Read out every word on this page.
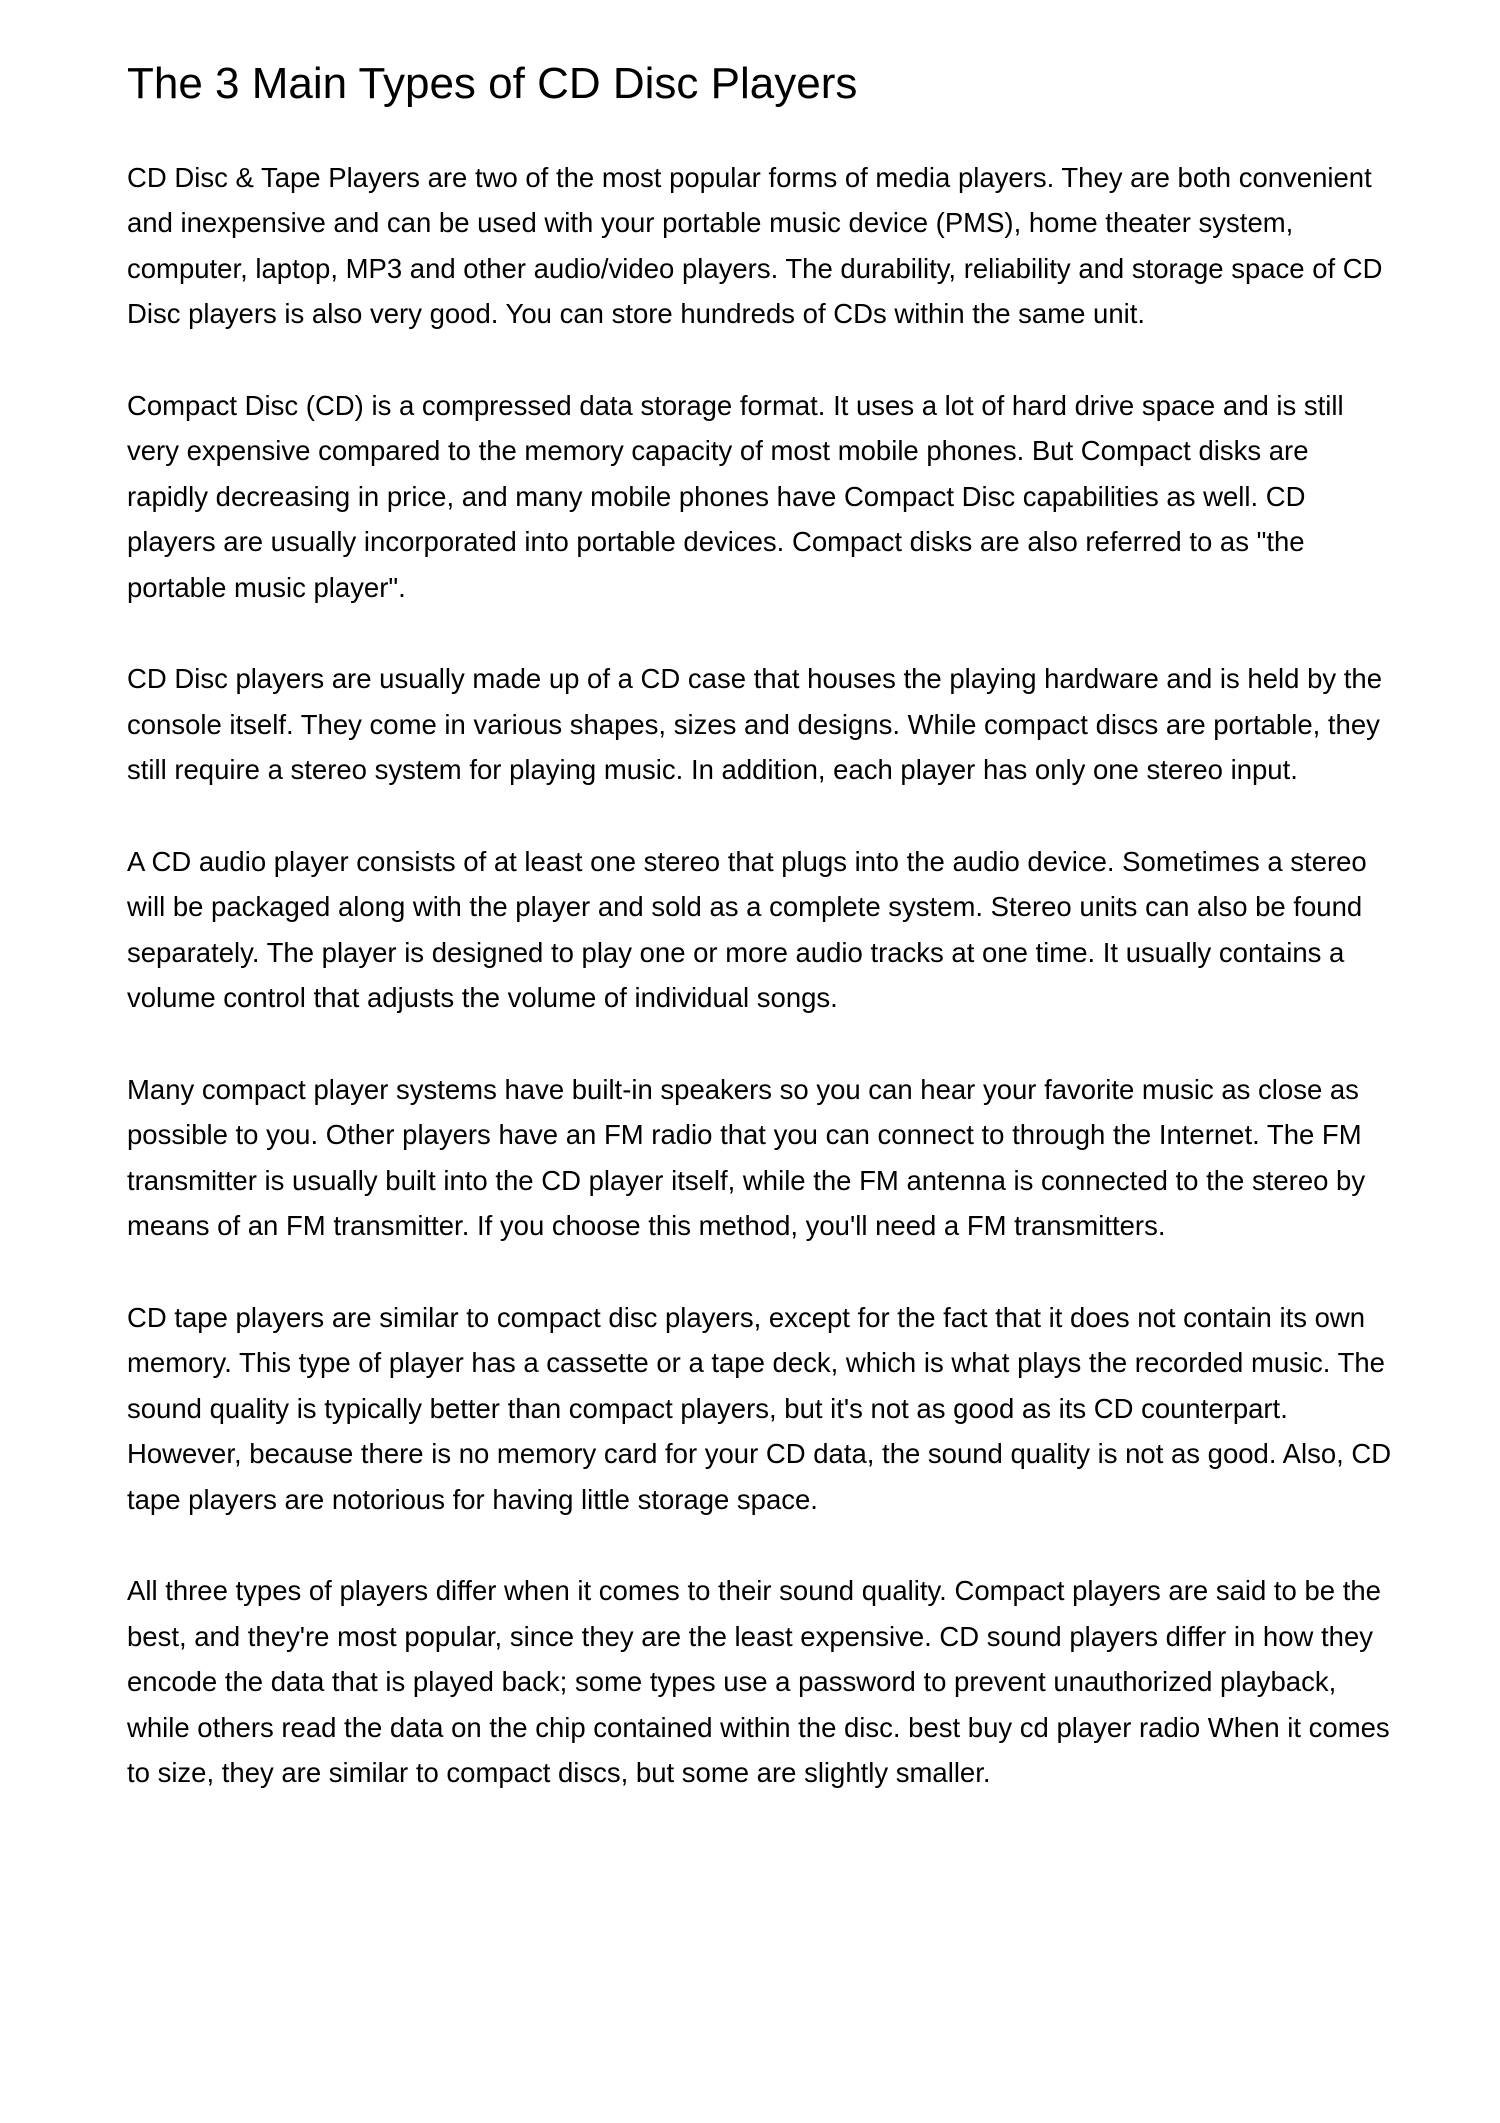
The 3 Main Types of CD Disc Players

CD Disc & Tape Players are two of the most popular forms of media players. They are both convenient and inexpensive and can be used with your portable music device (PMS), home theater system, computer, laptop, MP3 and other audio/video players. The durability, reliability and storage space of CD Disc players is also very good. You can store hundreds of CDs within the same unit.

Compact Disc (CD) is a compressed data storage format. It uses a lot of hard drive space and is still very expensive compared to the memory capacity of most mobile phones. But Compact disks are rapidly decreasing in price, and many mobile phones have Compact Disc capabilities as well. CD players are usually incorporated into portable devices. Compact disks are also referred to as "the portable music player".

CD Disc players are usually made up of a CD case that houses the playing hardware and is held by the console itself. They come in various shapes, sizes and designs. While compact discs are portable, they still require a stereo system for playing music. In addition, each player has only one stereo input.

A CD audio player consists of at least one stereo that plugs into the audio device. Sometimes a stereo will be packaged along with the player and sold as a complete system. Stereo units can also be found separately. The player is designed to play one or more audio tracks at one time. It usually contains a volume control that adjusts the volume of individual songs.

Many compact player systems have built-in speakers so you can hear your favorite music as close as possible to you. Other players have an FM radio that you can connect to through the Internet. The FM transmitter is usually built into the CD player itself, while the FM antenna is connected to the stereo by means of an FM transmitter. If you choose this method, you'll need a FM transmitters.

CD tape players are similar to compact disc players, except for the fact that it does not contain its own memory. This type of player has a cassette or a tape deck, which is what plays the recorded music. The sound quality is typically better than compact players, but it's not as good as its CD counterpart. However, because there is no memory card for your CD data, the sound quality is not as good. Also, CD tape players are notorious for having little storage space.

All three types of players differ when it comes to their sound quality. Compact players are said to be the best, and they're most popular, since they are the least expensive. CD sound players differ in how they encode the data that is played back; some types use a password to prevent unauthorized playback, while others read the data on the chip contained within the disc. best buy cd player radio When it comes to size, they are similar to compact discs, but some are slightly smaller.
